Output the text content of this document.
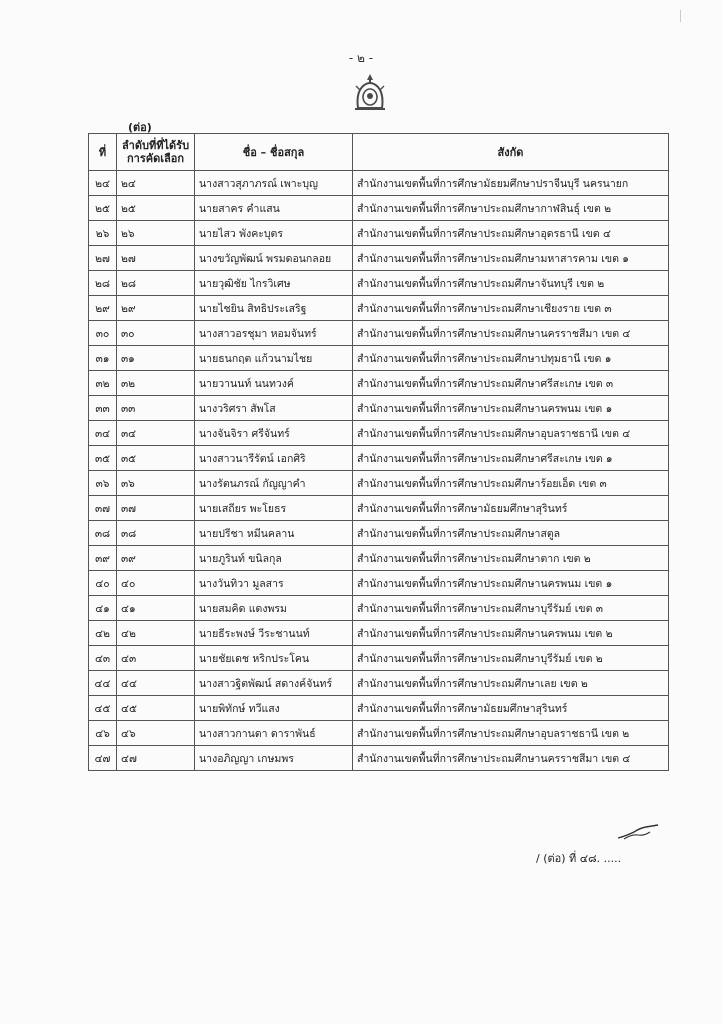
- ๒ -
(ต่อ)
ที่	ลำดับที่ที่ได้รับการคัดเลือก	ชื่อ – ชื่อสกุล	สังกัด
๒๔	๒๔	นางสาวสุภาภรณ์ เพาะบุญ	สำนักงานเขตพื้นที่การศึกษามัธยมศึกษาปราจีนบุรี นครนายก
๒๕	๒๕	นายสาคร คำแสน	สำนักงานเขตพื้นที่การศึกษาประถมศึกษากาฬสินธุ์ เขต ๒
๒๖	๒๖	นายไสว พังคะบุตร	สำนักงานเขตพื้นที่การศึกษาประถมศึกษาอุดรธานี เขต ๔
๒๗	๒๗	นางขวัญพัฒน์ พรมดอนกลอย	สำนักงานเขตพื้นที่การศึกษาประถมศึกษามหาสารคาม เขต ๑
๒๘	๒๘	นายวุฒิชัย ไกรวิเศษ	สำนักงานเขตพื้นที่การศึกษาประถมศึกษาจันทบุรี เขต ๒
๒๙	๒๙	นายไชยิน สิทธิประเสริฐ	สำนักงานเขตพื้นที่การศึกษาประถมศึกษาเชียงราย เขต ๓
๓๐	๓๐	นางสาวอรชุมา หอมจันทร์	สำนักงานเขตพื้นที่การศึกษาประถมศึกษานครราชสีมา เขต ๔
๓๑	๓๑	นายธนกฤต แก้วนามไชย	สำนักงานเขตพื้นที่การศึกษาประถมศึกษาปทุมธานี เขต ๑
๓๒	๓๒	นายวานนท์ นนทวงค์	สำนักงานเขตพื้นที่การศึกษาประถมศึกษาศรีสะเกษ เขต ๓
๓๓	๓๓	นางวริศรา สัพโส	สำนักงานเขตพื้นที่การศึกษาประถมศึกษานครพนม เขต ๑
๓๔	๓๔	นางจันจิรา ศรีจันทร์	สำนักงานเขตพื้นที่การศึกษาประถมศึกษาอุบลราชธานี เขต ๔
๓๕	๓๕	นางสาวนารีรัตน์ เอกศิริ	สำนักงานเขตพื้นที่การศึกษาประถมศึกษาศรีสะเกษ เขต ๑
๓๖	๓๖	นางรัตนภรณ์ กัญญาคำ	สำนักงานเขตพื้นที่การศึกษาประถมศึกษาร้อยเอ็ด เขต ๓
๓๗	๓๗	นายเสถียร พะโยธร	สำนักงานเขตพื้นที่การศึกษามัธยมศึกษาสุรินทร์
๓๘	๓๘	นายปรีชา หมีนคลาน	สำนักงานเขตพื้นที่การศึกษาประถมศึกษาสตูล
๓๙	๓๙	นายภูรินท์ ขนิลกุล	สำนักงานเขตพื้นที่การศึกษาประถมศึกษาตาก เขต ๒
๔๐	๔๐	นางวันทิวา มูลสาร	สำนักงานเขตพื้นที่การศึกษาประถมศึกษานครพนม เขต ๑
๔๑	๔๑	นายสมคิด แดงพรม	สำนักงานเขตพื้นที่การศึกษาประถมศึกษาบุรีรัมย์ เขต ๓
๔๒	๔๒	นายธีระพงษ์ วีระชานนท์	สำนักงานเขตพื้นที่การศึกษาประถมศึกษานครพนม เขต ๒
๔๓	๔๓	นายชัยเดช หริกประโคน	สำนักงานเขตพื้นที่การศึกษาประถมศึกษาบุรีรัมย์ เขต ๒
๔๔	๔๔	นางสาวฐิตพัฒน์ สดางค์จันทร์	สำนักงานเขตพื้นที่การศึกษาประถมศึกษาเลย เขต ๒
๔๕	๔๕	นายพิทักษ์ ทวีแสง	สำนักงานเขตพื้นที่การศึกษามัธยมศึกษาสุรินทร์
๔๖	๔๖	นางสาวกานดา ดาราพันธ์	สำนักงานเขตพื้นที่การศึกษาประถมศึกษาอุบลราชธานี เขต ๒
๔๗	๔๗	นางอภิญญา เกษมพร	สำนักงานเขตพื้นที่การศึกษาประถมศึกษานครราชสีมา เขต ๔
/ (ต่อ) ที่ ๔๘. .....
